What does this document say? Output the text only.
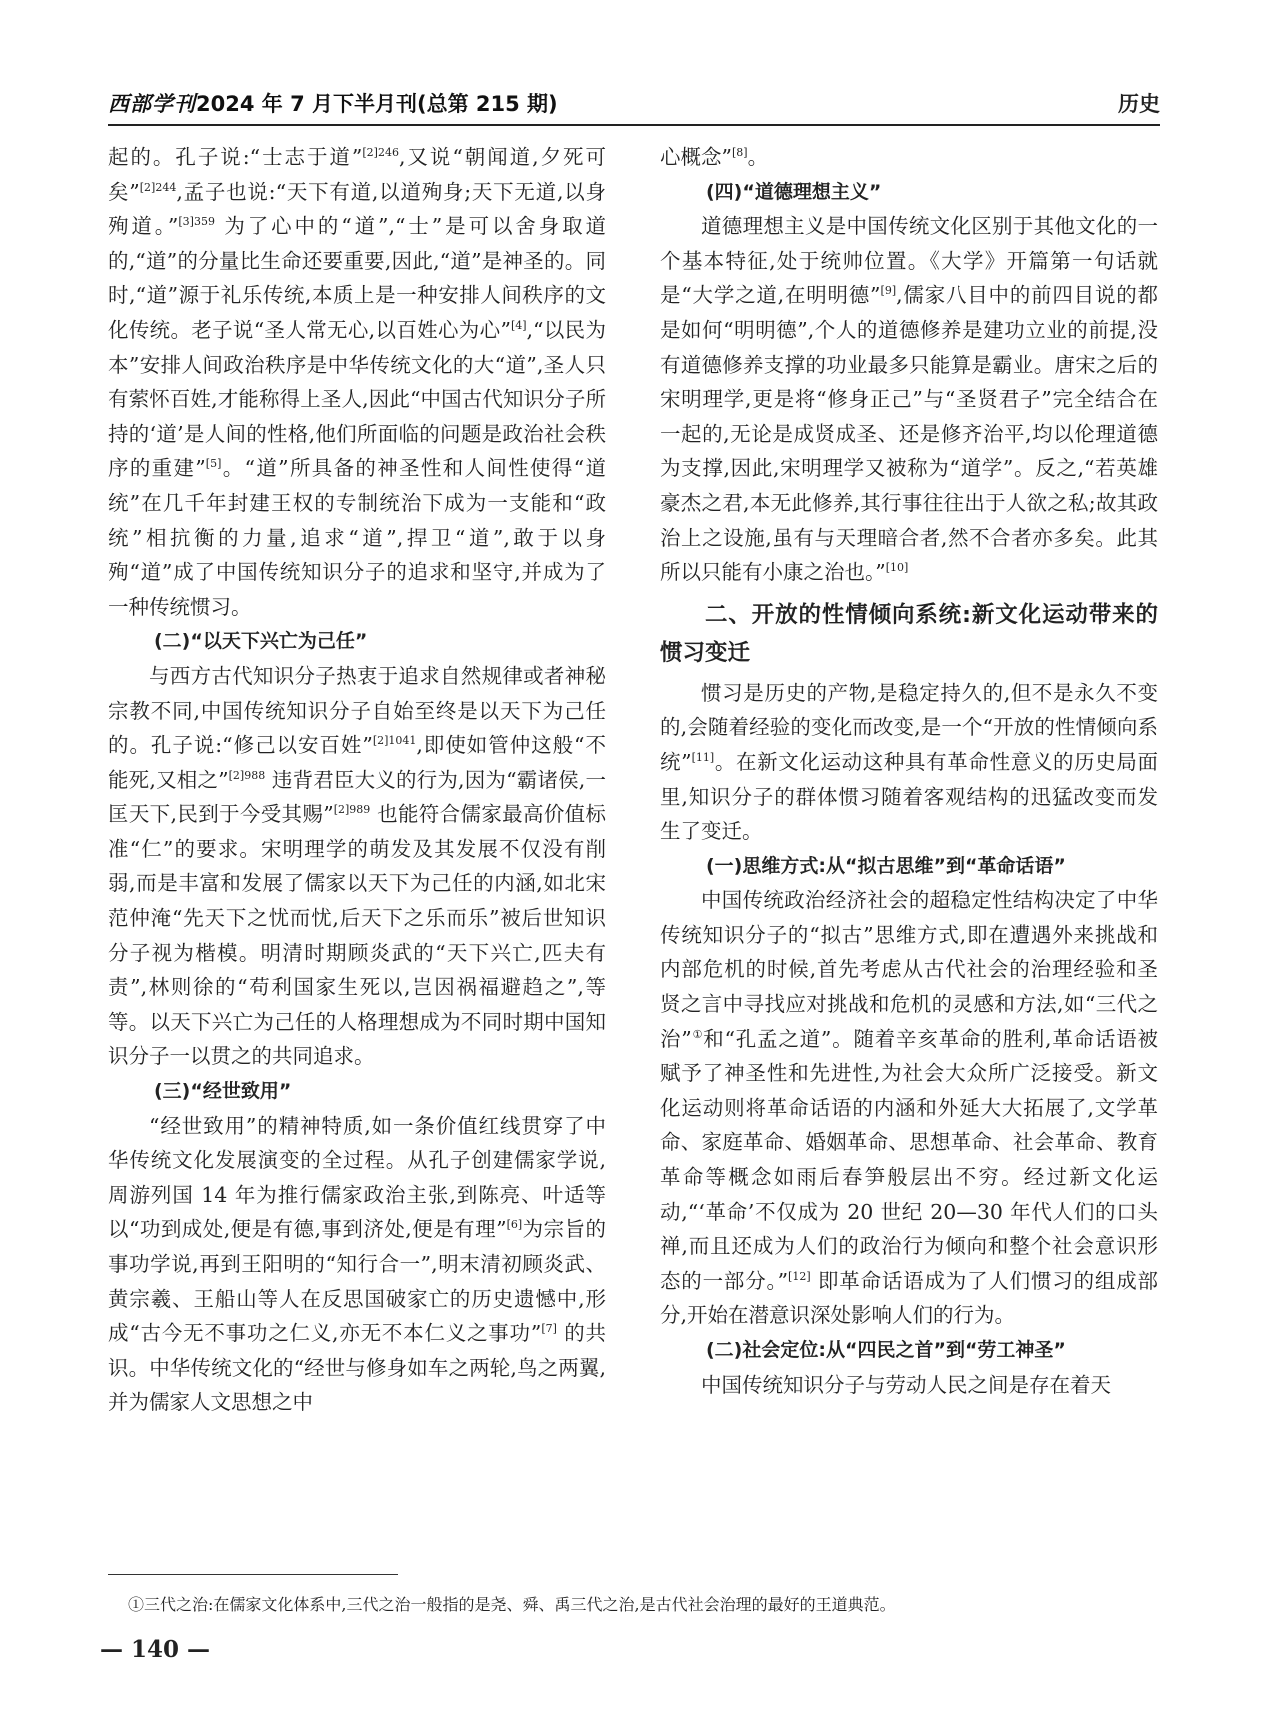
西部学刊2024 年 7 月下半月刊(总第 215 期)	历史

起的。孔子说:“士志于道”$^{[2]246}$,又说“朝闻道,夕死可矣”$^{[2]244}$,孟子也说:“天下有道,以道殉身;天下无道,以身殉道。”$^{[3]359}$ 为了心中的“道”,“士”是可以舍身取道的,“道”的分量比生命还要重要,因此,“道”是神圣的。同时,“道”源于礼乐传统,本质上是一种安排人间秩序的文化传统。老子说“圣人常无心,以百姓心为心”[4],“以民为本”安排人间政治秩序是中华传统文化的大“道”,圣人只有萦怀百姓,才能称得上圣人,因此“中国古代知识分子所持的‘道’是人间的性格,他们所面临的问题是政治社会秩序的重建”[5]。“道”所具备的神圣性和人间性使得“道统”在几千年封建王权的专制统治下成为一支能和“政统”相抗衡的力量,追求“道”,捍卫“道”,敢于以身殉“道”成了中国传统知识分子的追求和坚守,并成为了一种传统惯习。

(二)“以天下兴亡为己任”

与西方古代知识分子热衷于追求自然规律或者神秘宗教不同,中国传统知识分子自始至终是以天下为己任的。孔子说:“修己以安百姓”$^{[2]1041}$,即使如管仲这般“不能死,又相之”$^{[2]988}$ 违背君臣大义的行为,因为“霸诸侯,一匡天下,民到于今受其赐”$^{[2]989}$ 也能符合儒家最高价值标准“仁”的要求。宋明理学的萌发及其发展不仅没有削弱,而是丰富和发展了儒家以天下为己任的内涵,如北宋范仲淹“先天下之忧而忧,后天下之乐而乐”被后世知识分子视为楷模。明清时期顾炎武的“天下兴亡,匹夫有责”,林则徐的“苟利国家生死以,岂因祸福避趋之”,等等。以天下兴亡为己任的人格理想成为不同时期中国知识分子一以贯之的共同追求。

(三)“经世致用”

“经世致用”的精神特质,如一条价值红线贯穿了中华传统文化发展演变的全过程。从孔子创建儒家学说,周游列国 14 年为推行儒家政治主张,到陈亮、叶适等以“功到成处,便是有德,事到济处,便是有理”[6]为宗旨的事功学说,再到王阳明的“知行合一”,明末清初顾炎武、黄宗羲、王船山等人在反思国破家亡的历史遗憾中,形成“古今无不事功之仁义,亦无不本仁义之事功”[7] 的共识。中华传统文化的“经世与修身如车之两轮,鸟之两翼,并为儒家人文思想之中

心概念”[8]。

(四)“道德理想主义”

道德理想主义是中国传统文化区别于其他文化的一个基本特征,处于统帅位置。《大学》开篇第一句话就是“大学之道,在明明德”[9],儒家八目中的前四目说的都是如何“明明德”,个人的道德修养是建功立业的前提,没有道德修养支撑的功业最多只能算是霸业。唐宋之后的宋明理学,更是将“修身正己”与“圣贤君子”完全结合在一起的,无论是成贤成圣、还是修齐治平,均以伦理道德为支撑,因此,宋明理学又被称为“道学”。反之,“若英雄豪杰之君,本无此修养,其行事往往出于人欲之私;故其政治上之设施,虽有与天理暗合者,然不合者亦多矣。此其所以只能有小康之治也。”[10]

二、开放的性情倾向系统:新文化运动带来的惯习变迁

惯习是历史的产物,是稳定持久的,但不是永久不变的,会随着经验的变化而改变,是一个“开放的性情倾向系统”[11]。在新文化运动这种具有革命性意义的历史局面里,知识分子的群体惯习随着客观结构的迅猛改变而发生了变迁。

(一)思维方式:从“拟古思维”到“革命话语”

中国传统政治经济社会的超稳定性结构决定了中华传统知识分子的“拟古”思维方式,即在遭遇外来挑战和内部危机的时候,首先考虑从古代社会的治理经验和圣贤之言中寻找应对挑战和危机的灵感和方法,如“三代之治”①和“孔孟之道”。随着辛亥革命的胜利,革命话语被赋予了神圣性和先进性,为社会大众所广泛接受。新文化运动则将革命话语的内涵和外延大大拓展了,文学革命、家庭革命、婚姻革命、思想革命、社会革命、教育革命等概念如雨后春笋般层出不穷。经过新文化运动,“‘革命’不仅成为 20 世纪 20—30 年代人们的口头禅,而且还成为人们的政治行为倾向和整个社会意识形态的一部分。”[12] 即革命话语成为了人们惯习的组成部分,开始在潜意识深处影响人们的行为。

(二)社会定位:从“四民之首”到“劳工神圣”

中国传统知识分子与劳动人民之间是存在着天

①三代之治:在儒家文化体系中,三代之治一般指的是尧、舜、禹三代之治,是古代社会治理的最好的王道典范。
— 140 —
